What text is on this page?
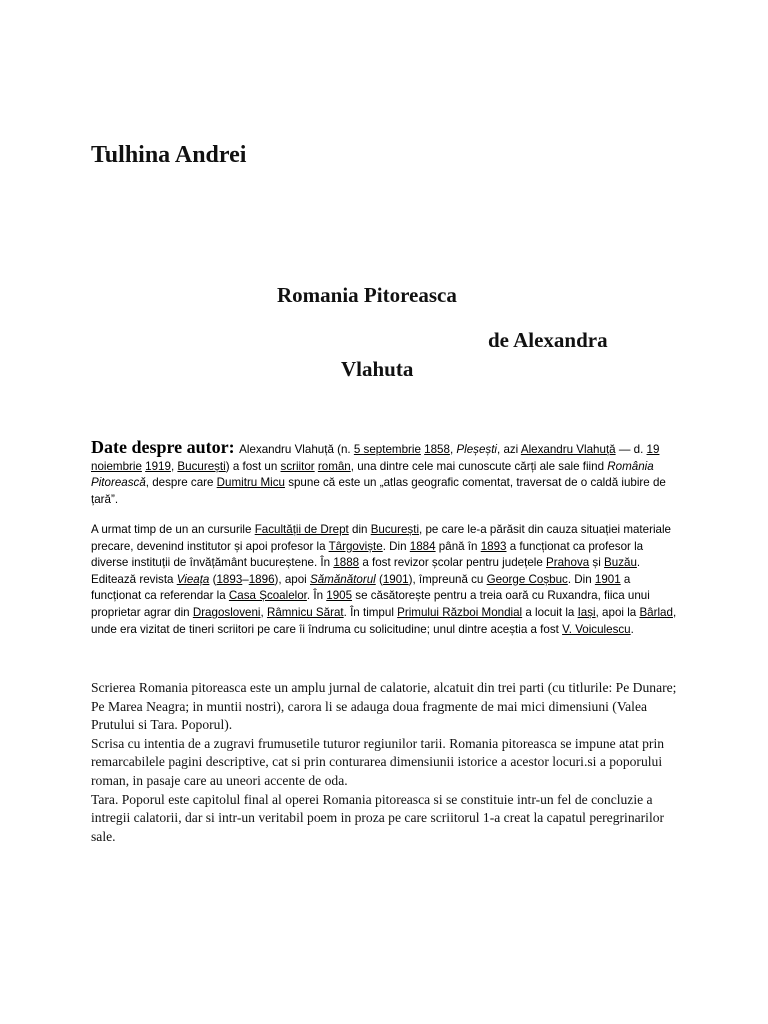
Tulhina Andrei
Romania Pitoreasca
de Alexandra
Vlahuta
Date despre autor: Alexandru Vlahuță (n. 5 septembrie 1858, Pleșești, azi Alexandru Vlahuță — d. 19 noiembrie 1919, București) a fost un scriitor român, una dintre cele mai cunoscute cărți ale sale fiind România Pitorească, despre care Dumitru Micu spune că este un „atlas geografic comentat, traversat de o caldă iubire de țară”.
A urmat timp de un an cursurile Facultății de Drept din București, pe care le-a părăsit din cauza situației materiale precare, devenind institutor și apoi profesor la Târgoviște. Din 1884 până în 1893 a funcționat ca profesor la diverse instituții de învățământ bucureștene. În 1888 a fost revizor școlar pentru județele Prahova și Buzău. Editează revista Vieața (1893–1896), apoi Sămănătorul (1901), împreună cu George Coșbuc. Din 1901 a funcționat ca referendar la Casa Școalelor. În 1905 se căsătorește pentru a treia oară cu Ruxandra, fiica unui proprietar agrar din Dragosloveni, Râmnicu Sărat. În timpul Primului Război Mondial a locuit la Iași, apoi la Bârlad, unde era vizitat de tineri scriitori pe care îi îndruma cu solicitudine; unul dintre aceștia a fost V. Voiculescu.

Scrierea Romania pitoreasca este un amplu jurnal de calatorie, alcatuit din trei parti (cu titlurile: Pe Dunare; Pe Marea Neagra; in muntii nostri), carora li se adauga doua fragmente de mai mici dimensiuni (Valea Prutului si Tara. Poporul).

Scrisa cu intentia de a zugravi frumusetile tuturor regiunilor tarii. Romania pitoreasca se impune atat prin remarcabilele pagini descriptive, cat si prin conturarea dimensiunii istorice a acestor locuri.si a poporului roman, in pasaje care au uneori accente de oda.

Tara. Poporul este capitolul final al operei Romania pitoreasca si se constituie intr-un fel de concluzie a intregii calatorii, dar si intr-un veritabil poem in proza pe care scriitorul 1-a creat la capatul peregrinarilor sale.
